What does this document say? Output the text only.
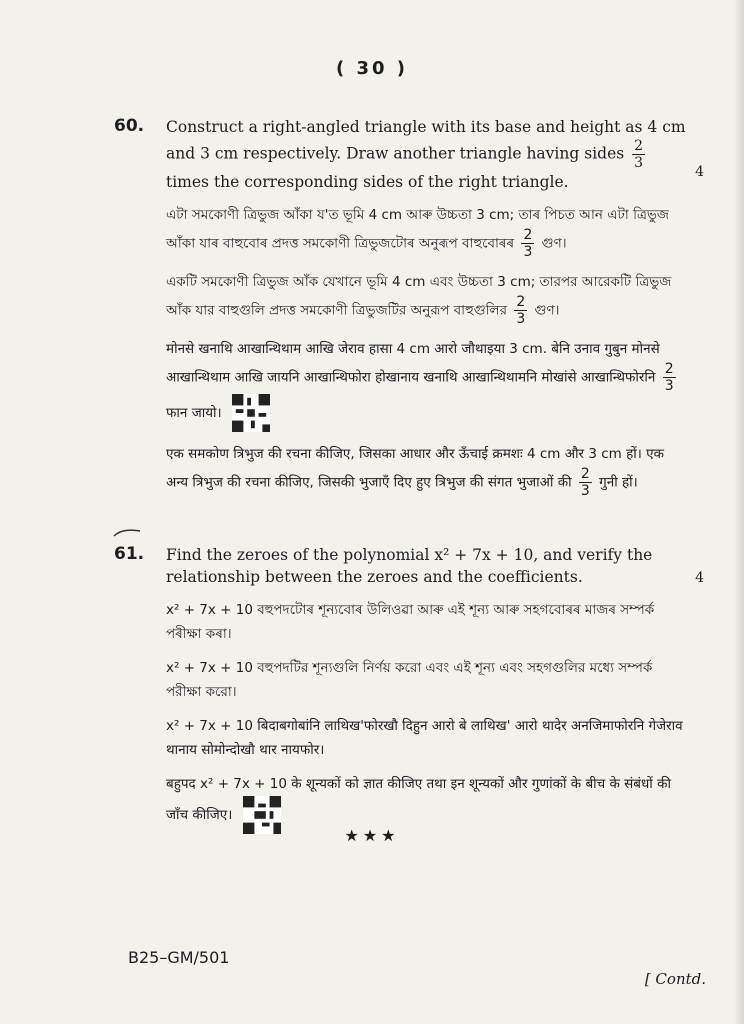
( 30 )
60. Construct a right-angled triangle with its base and height as 4 cm and 3 cm respectively. Draw another triangle having sides $\frac{2}{3}$
times the corresponding sides of the right triangle.
4
এটা সমকোণী ত্ৰিভুজ আঁকা য'ত ভূমি 4 cm আৰু উচ্চতা 3 cm; তাৰ পিচত আন এটা ত্ৰিভুজ আঁকা যাৰ বাহুবোৰ প্ৰদত্ত সমকোণী ত্ৰিভুজটোৰ অনুৰূপ বাহুবোৰৰ $\frac{2}{3}$ গুণ।
একটি সমকোণী ত্রিভুজ আঁক যেখানে ভূমি 4 cm এবং উচ্চতা 3 cm; তারপর আরেকটি ত্রিভুজ আঁক যার বাহুগুলি প্রদত্ত সমকোণী ত্রিভুজটির অনুরূপ বাহুগুলির $\frac{2}{3}$ গুণ।
मोनसे खनाथि आखान्थिथाम आखि जेराव हासा 4 cm आरो जौथाइया 3 cm. बेनि उनाव गुबुन मोनसे आखान्थिथाम आखि जायनि आखान्थिफोरा होखानाय खनाथि आखान्थिथामनि मोखांसे आखान्थिफोरनि $\frac{2}{3}$
फान जायो।
एक समकोण त्रिभुज की रचना कीजिए, जिसका आधार और ऊँचाई क्रमशः 4 cm और 3 cm हों। एक अन्य त्रिभुज की रचना कीजिए, जिसकी भुजाएँ दिए हुए त्रिभुज की संगत भुजाओं की $\frac{2}{3}$ गुनी हों।
61. Find the zeroes of the polynomial x² + 7x + 10, and verify the relationship between the zeroes and the coefficients.	4
x² + 7x + 10 বহুপদটোৰ শূন্যবোৰ উলিওৱা আৰু এই শূন্য আৰু সহগবোৰৰ মাজৰ সম্পৰ্ক পৰীক্ষা কৰা।
x² + 7x + 10 বহুপদটির শূন্যগুলি নির্ণয় করো এবং এই শূন্য এবং সহগগুলির মধ্যে সম্পর্ক পরীক্ষা করো।
x² + 7x + 10 बिदाबगोबांनि लाथिख'फोरखौ दिहुन आरो बे लाथिख' आरो थादेर अनजिमाफोरनि गेजेराव थानाय सोमोन्दोखौ थार नायफोर।
बहुपद x² + 7x + 10 के शून्यकों को ज्ञात कीजिए तथा इन शून्यकों और गुणांकों के बीच के संबंधों की जाँच कीजिए।
★★★
B25–GM/501
[ Contd.
